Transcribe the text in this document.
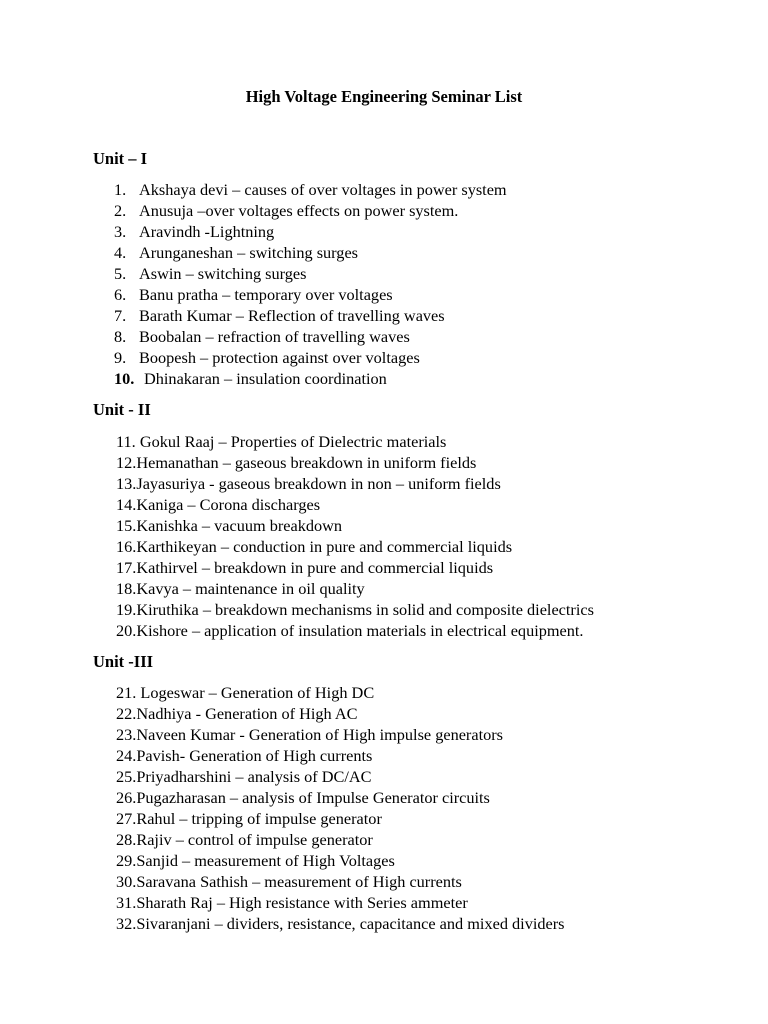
High Voltage Engineering Seminar List
Unit – I
1. Akshaya devi – causes of over voltages in power system
2. Anusuja –over voltages effects on power system.
3. Aravindh -Lightning
4. Arunganeshan – switching surges
5. Aswin – switching surges
6. Banu pratha – temporary over voltages
7. Barath Kumar – Reflection of travelling waves
8. Boobalan – refraction of travelling waves
9. Boopesh – protection against over voltages
10. Dhinakaran – insulation coordination
Unit - II
11. Gokul Raaj – Properties of Dielectric materials
12.Hemanathan – gaseous breakdown in uniform fields
13.Jayasuriya - gaseous breakdown in non – uniform fields
14.Kaniga – Corona discharges
15.Kanishka – vacuum breakdown
16.Karthikeyan – conduction in pure and commercial liquids
17.Kathirvel – breakdown in pure and commercial liquids
18.Kavya – maintenance in oil quality
19.Kiruthika – breakdown mechanisms in solid and composite dielectrics
20.Kishore – application of insulation materials in electrical equipment.
Unit -III
21. Logeswar – Generation of High DC
22.Nadhiya - Generation of High AC
23.Naveen Kumar - Generation of High impulse generators
24.Pavish- Generation of High currents
25.Priyadharshini – analysis of DC/AC
26.Pugazharasan – analysis of Impulse Generator circuits
27.Rahul – tripping of impulse generator
28.Rajiv – control of impulse generator
29.Sanjid – measurement of High Voltages
30.Saravana Sathish – measurement of High currents
31.Sharath Raj – High resistance with Series ammeter
32.Sivaranjani – dividers, resistance, capacitance and mixed dividers
